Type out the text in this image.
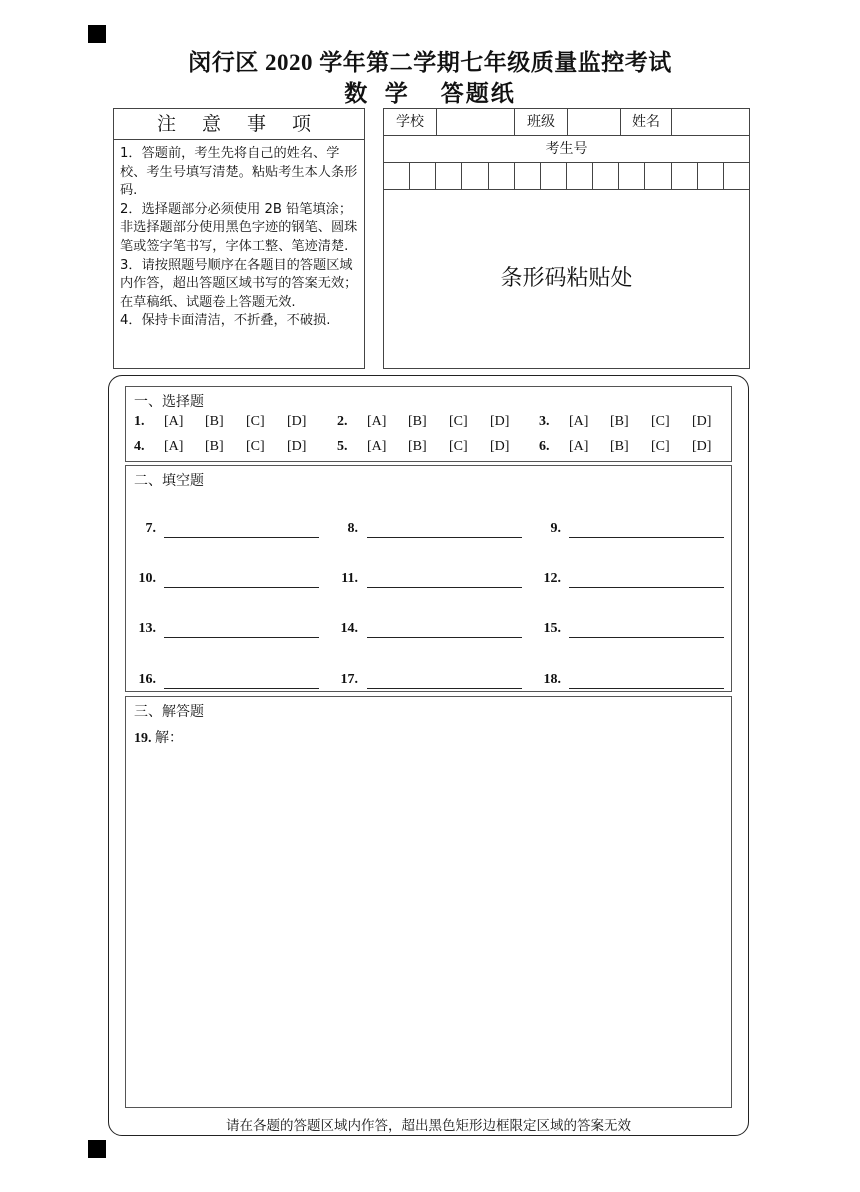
闵行区 2020 学年第二学期七年级质量监控考试
数  学    答题纸
注 意 事 项

1．答题前，考生先将自己的姓名、学校、考生号填写清楚。粘贴考生本人条形码.

2．选择题部分必须使用 2B 铅笔填涂；非选择题部分使用黑色字迹的钢笔、圆珠笔或签字笔书写，字体工整、笔迹清楚.

3．请按照题号顺序在各题目的答题区域内作答，超出答题区域书写的答案无效；在草稿纸、试题卷上答题无效.

4．保持卡面清洁，不折叠，不破损.

学校	班级	姓名
考生号
条形码粘贴处
一、选择题
1. [A] [B] [C] [D] 2. [A] [B] [C] [D] 3. [A] [B] [C] [D]
4. [A] [B] [C] [D] 5. [A] [B] [C] [D] 6. [A] [B] [C] [D]
二、填空题
7.	8.	9.
10.	11.	12.
13.	14.	15.
16.	17.	18.
三、解答题
19. 解：
请在各题的答题区域内作答，超出黑色矩形边框限定区域的答案无效
